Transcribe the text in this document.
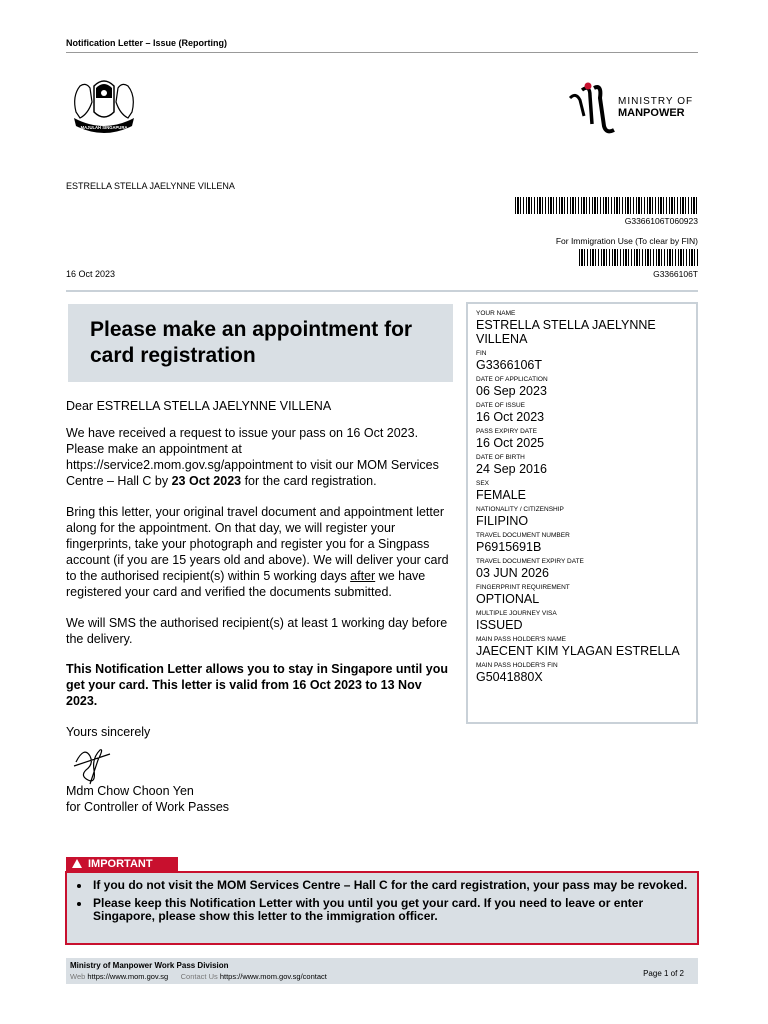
Notification Letter – Issue (Reporting)
MAJULAH SINGAPURA
MINISTRY OF
MANPOWER
ESTRELLA STELLA JAELYNNE VILLENA
G3366106T060923
For Immigration Use (To clear by FIN)
G3366106T
16 Oct 2023
Please make an appointment for card registration

Dear ESTRELLA STELLA JAELYNNE VILLENA

We have received a request to issue your pass on 16 Oct 2023. Please make an appointment at https://service2.mom.gov.sg/appointment to visit our MOM Services Centre – Hall C by 23 Oct 2023 for the card registration.

Bring this letter, your original travel document and appointment letter along for the appointment. On that day, we will register your fingerprints, take your photograph and register you for a Singpass account (if you are 15 years old and above). We will deliver your card to the authorised recipient(s) within 5 working days after we have registered your card and verified the documents submitted.

We will SMS the authorised recipient(s) at least 1 working day before the delivery.

This Notification Letter allows you to stay in Singapore until you get your card. This letter is valid from 16 Oct 2023 to 13 Nov 2023.

Yours sincerely

Mdm Chow Choon Yen

for Controller of Work Passes

YOUR NAME
ESTRELLA STELLA JAELYNNE VILLENA
FIN
G3366106T
DATE OF APPLICATION
06 Sep 2023
DATE OF ISSUE
16 Oct 2023
PASS EXPIRY DATE
16 Oct 2025
DATE OF BIRTH
24 Sep 2016
SEX
FEMALE
NATIONALITY / CITIZENSHIP
FILIPINO
TRAVEL DOCUMENT NUMBER
P6915691B
TRAVEL DOCUMENT EXPIRY DATE
03 JUN 2026
FINGERPRINT REQUIREMENT
OPTIONAL
MULTIPLE JOURNEY VISA
ISSUED
MAIN PASS HOLDER'S NAME
JAECENT KIM YLAGAN ESTRELLA
MAIN PASS HOLDER'S FIN
G5041880X
IMPORTANT
• If you do not visit the MOM Services Centre – Hall C for the card registration, your pass may be revoked.
• Please keep this Notification Letter with you until you get your card. If you need to leave or enter Singapore, please show this letter to the immigration officer.
Ministry of Manpower Work Pass Division
Web https://www.mom.gov.sg Contact Us https://www.mom.gov.sg/contact	Page 1 of 2
